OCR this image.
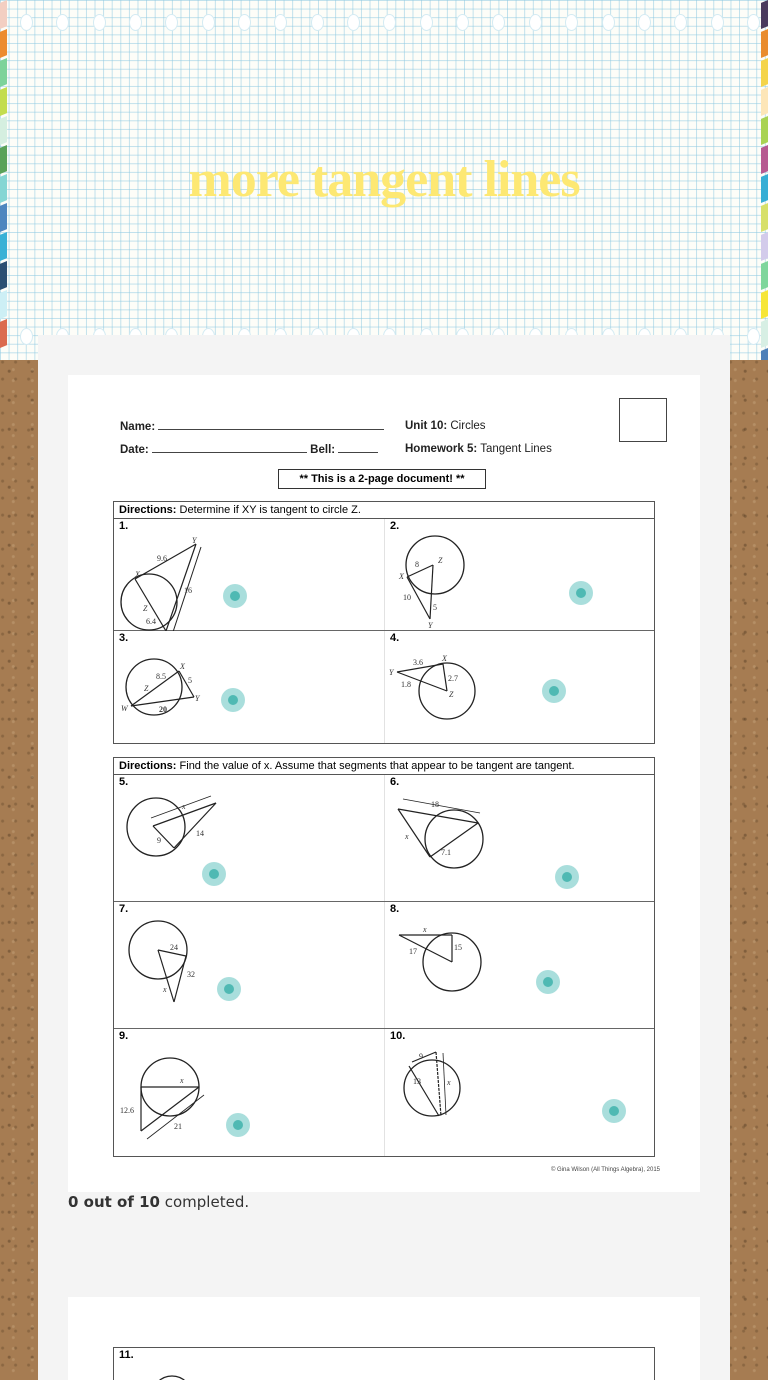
more tangent lines
Name:
Date:	Bell:
Unit 10: Circles
Homework 5: Tangent Lines
** This is a 2-page document! **
Directions: Determine if XY is tangent to circle Z.
1.
Y
9.6
X
16
Z
6.4
2.
8 Z
X
10
5
Y
3.
X
8.5	5
Z
Y
W	20
4.
3.6 X
Y
2.7
1.8
Z
Directions: Find the value of x. Assume that segments that appear to be tangent are tangent.
5.
x
14
9
6.
18
x
7.1
7.
24
32
x
8.
x
15
17
9.
x
12.6
21
10.
9
13	x
© Gina Wilson (All Things Algebra), 2015
0 out of 10 completed.
11.
